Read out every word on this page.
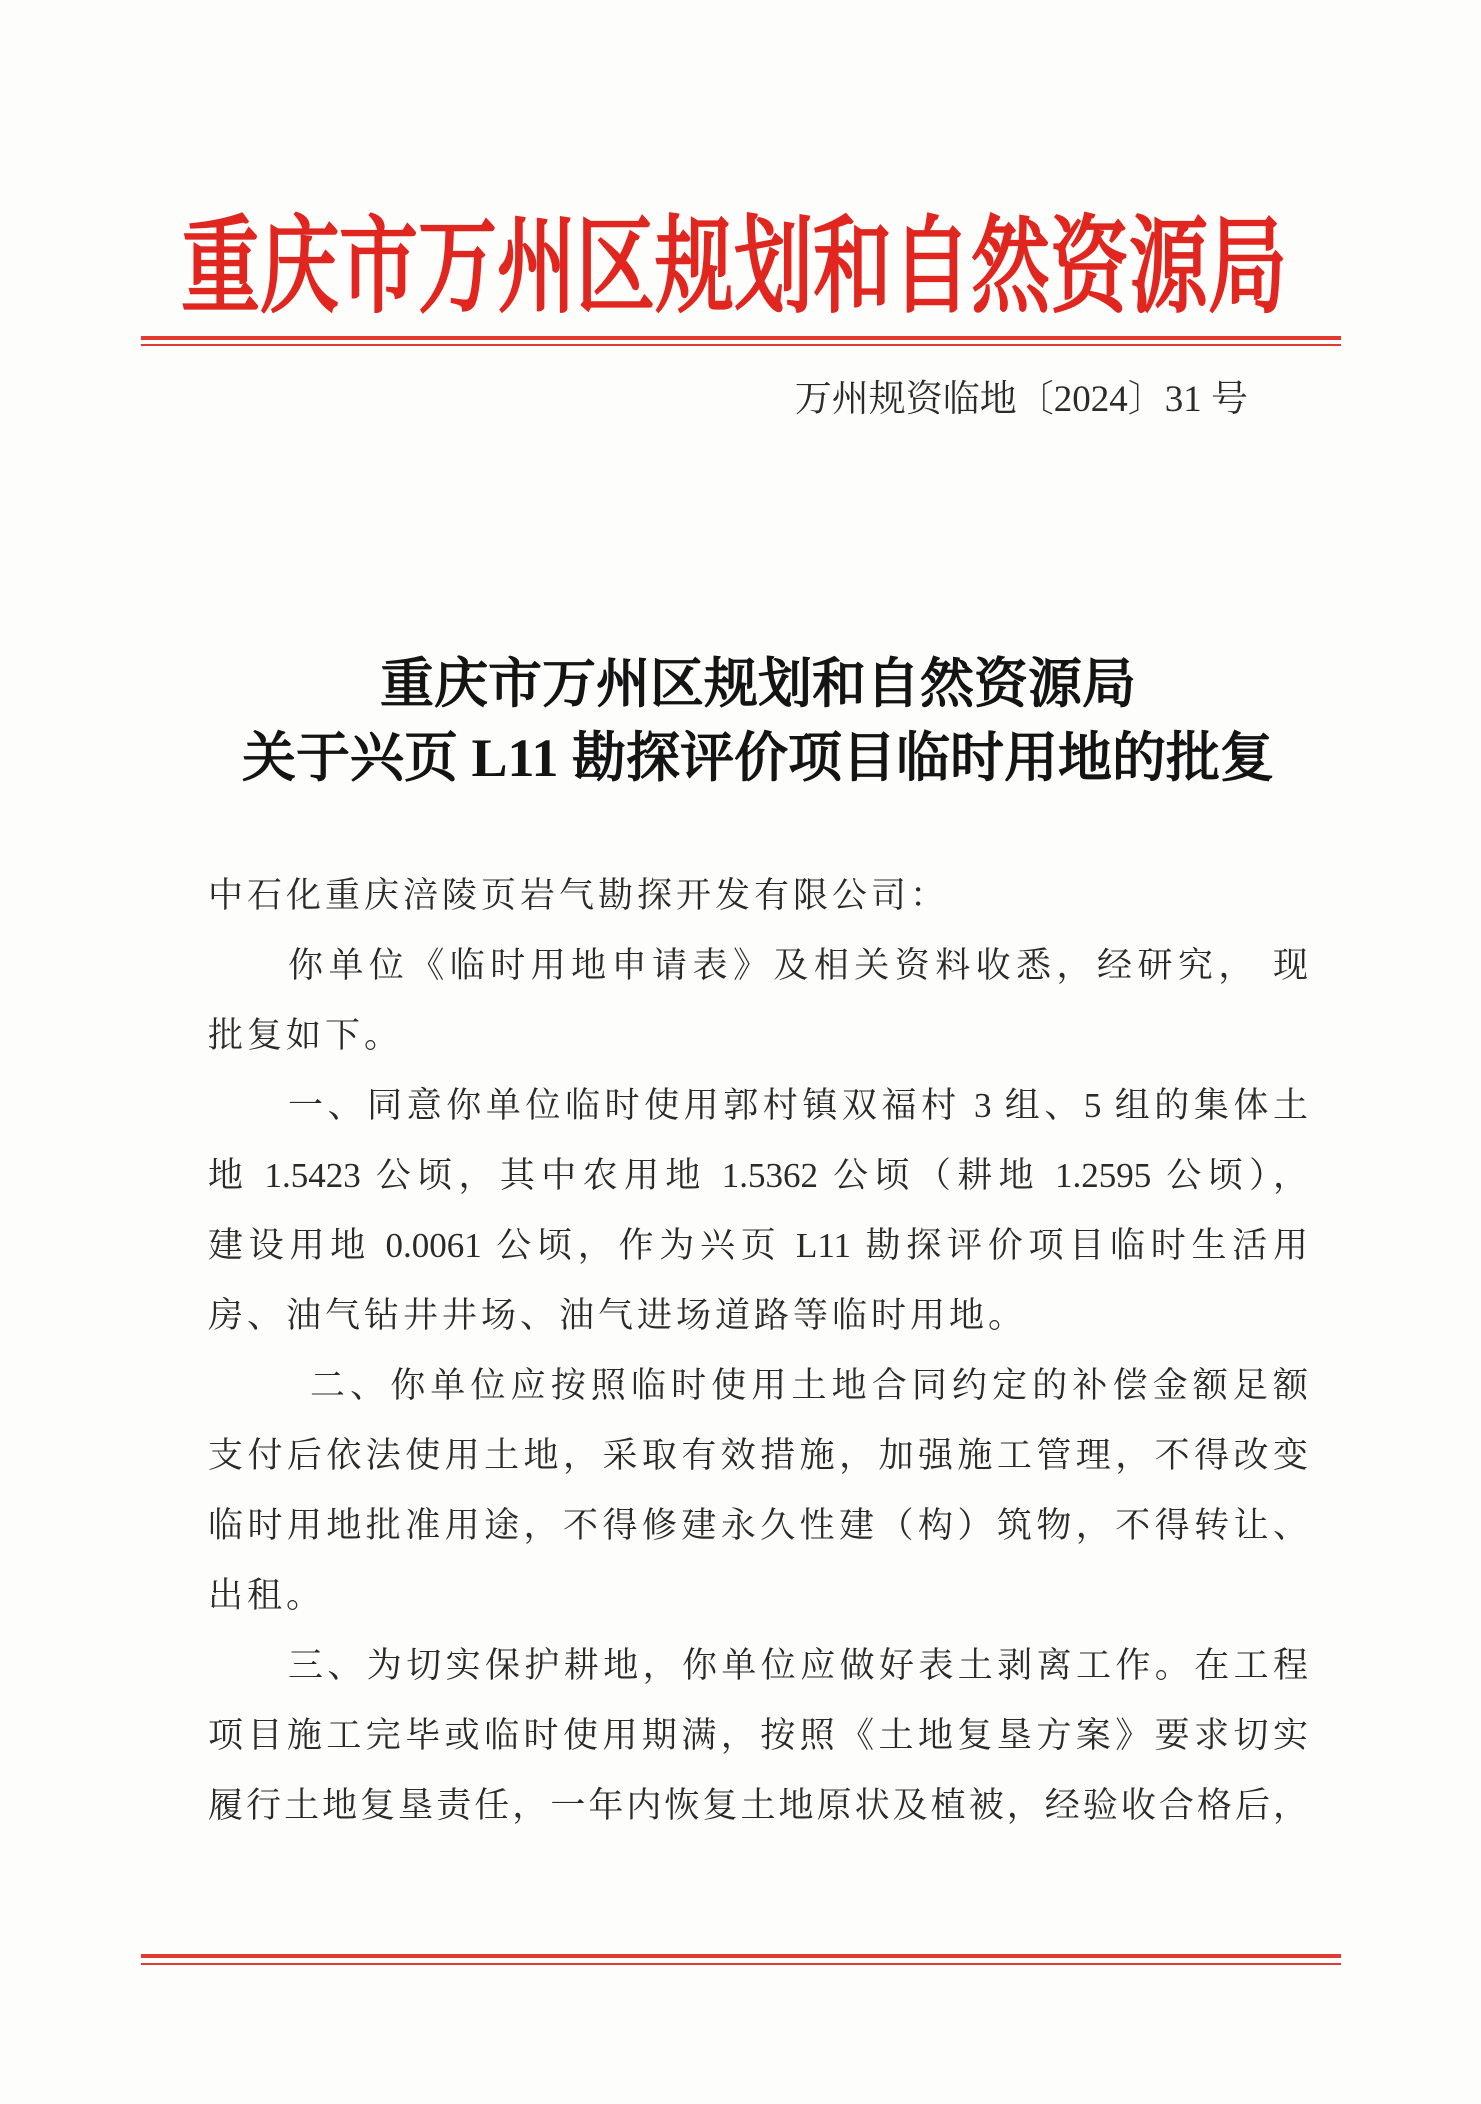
重庆市万州区规划和自然资源局
万州规资临地〔2024〕31 号
重庆市万州区规划和自然资源局
关于兴页 L11 勘探评价项目临时用地的批复
中石化重庆涪陵页岩气勘探开发有限公司：
你单位《临时用地申请表》及相关资料收悉，经研究， 现
批复如下。
一、同意你单位临时使用郭村镇双福村 3 组、5 组的集体土
地 1.5423 公顷，其中农用地 1.5362 公顷（耕地 1.2595 公顷），
建设用地 0.0061 公顷，作为兴页 L11 勘探评价项目临时生活用
房、油气钻井井场、油气进场道路等临时用地。
二、你单位应按照临时使用土地合同约定的补偿金额足额
支付后依法使用土地，采取有效措施，加强施工管理，不得改变
临时用地批准用途，不得修建永久性建（构）筑物，不得转让、
出租。
三、为切实保护耕地，你单位应做好表土剥离工作。在工程
项目施工完毕或临时使用期满，按照《土地复垦方案》要求切实
履行土地复垦责任，一年内恢复土地原状及植被，经验收合格后，
